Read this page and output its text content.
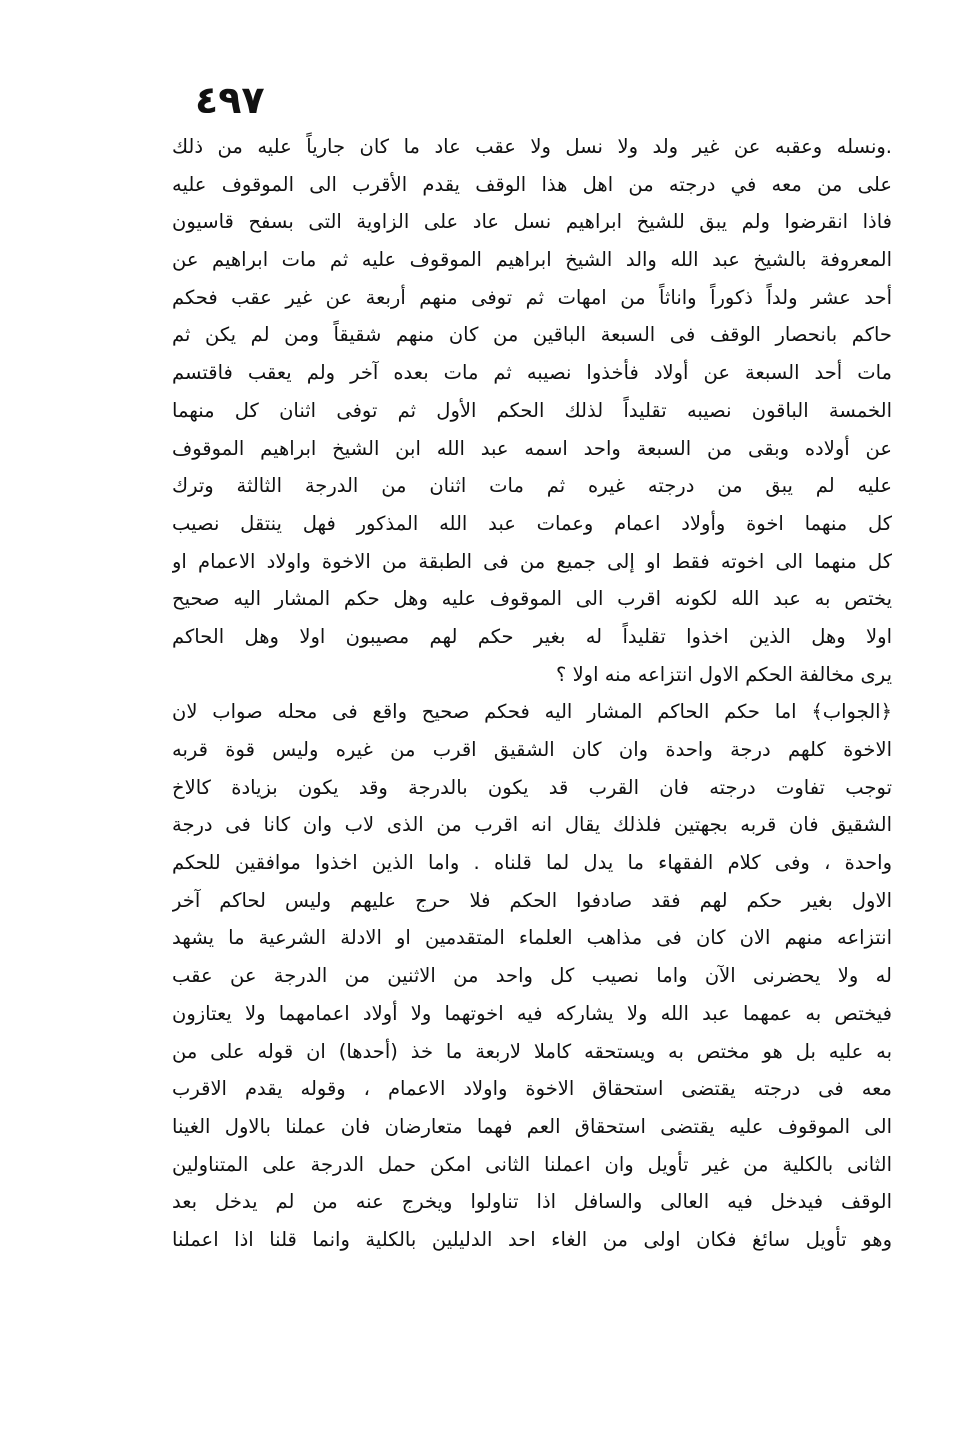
٤٩٧
.ونسله وعقبه عن غير ولد ولا نسل ولا عقب عاد ما كان جارياً عليه من ذلك
على من معه في درجته من اهل هذا الوقف يقدم الأقرب الى الموقوف عليه
فاذا انقرضوا ولم يبق للشيخ ابراهيم نسل عاد على الزاوية التى بسفح قاسيون
المعروفة بالشيخ عبد الله والد الشيخ ابراهيم الموقوف عليه ثم مات ابراهيم عن
أحد عشر ولداً ذكوراً واناثاً من امهات ثم توفى منهم أربعة عن غير عقب فحكم
حاكم بانحصار الوقف فى السبعة الباقين من كان منهم شقيقاً ومن لم يكن ثم
مات أحد السبعة عن أولاد فأخذوا نصيبه ثم مات بعده آخر ولم يعقب فاقتسم
الخمسة الباقون نصيبه تقليداً لذلك الحكم الأول ثم توفى اثنان كل منهما
عن أولاده وبقى من السبعة واحد اسمه عبد الله ابن الشيخ ابراهيم الموقوف
عليه لم يبق من درجته غيره ثم مات اثنان من الدرجة الثالثة وترك
كل منهما اخوة وأولاد اعمام وعمات عبد الله المذكور فهل ينتقل نصيب
كل منهما الى اخوته فقط او إلى جميع من فى الطبقة من الاخوة واولاد الاعمام او
يختص به عبد الله لكونه اقرب الى الموقوف عليه وهل حكم المشار اليه صحيح
اولا وهل الذين اخذوا تقليداً له بغير حكم لهم مصيبون اولا وهل الحاكم
يرى مخالفة الحكم الاول انتزاعه منه اولا ؟
﴿الجواب﴾ اما حكم الحاكم المشار اليه فحكم صحيح واقع فى محله صواب لان
الاخوة كلهم درجة واحدة وان كان الشقيق اقرب من غيره وليس قوة قربه
توجب تفاوت درجته فان القرب قد يكون بالدرجة وقد يكون بزيادة كالاخ
الشقيق فان قربه بجهتين فلذلك يقال انه اقرب من الذى لاب وان كانا فى درجة
واحدة ، وفى كلام الفقهاء ما يدل لما قلناه . واما الذين اخذوا موافقين للحكم
الاول بغير حكم لهم فقد صادفوا الحكم فلا حرج عليهم وليس لحاكم آخر
انتزاعه منهم الان كان فى مذاهب العلماء المتقدمين او الادلة الشرعية ما يشهد
له ولا يحضرنى الآن واما نصيب كل واحد من الاثنين من الدرجة عن عقب
فيختص به عمهما عبد الله ولا يشاركه فيه اخوتهما ولا أولاد اعمامهما ولا يعتازون
به عليه بل هو مختص به ويستحقه كاملا لاربعة ما خذ (أحدها) ان قوله على من
معه فى درجته يقتضى استحقاق الاخوة واولاد الاعمام ، وقوله يقدم الاقرب
الى الموقوف عليه يقتضى استحقاق العم فهما متعارضان فان عملنا بالاول الغينا
الثانى بالكلية من غير تأويل وان اعملنا الثانى امكن حمل الدرجة على المتناولين
الوقف فيدخل فيه العالى والسافل اذا تناولوا ويخرج عنه من لم يدخل بعد
وهو تأويل سائغ فكان اولى من الغاء احد الدليلين بالكلية وانما قلنا اذا اعملنا
